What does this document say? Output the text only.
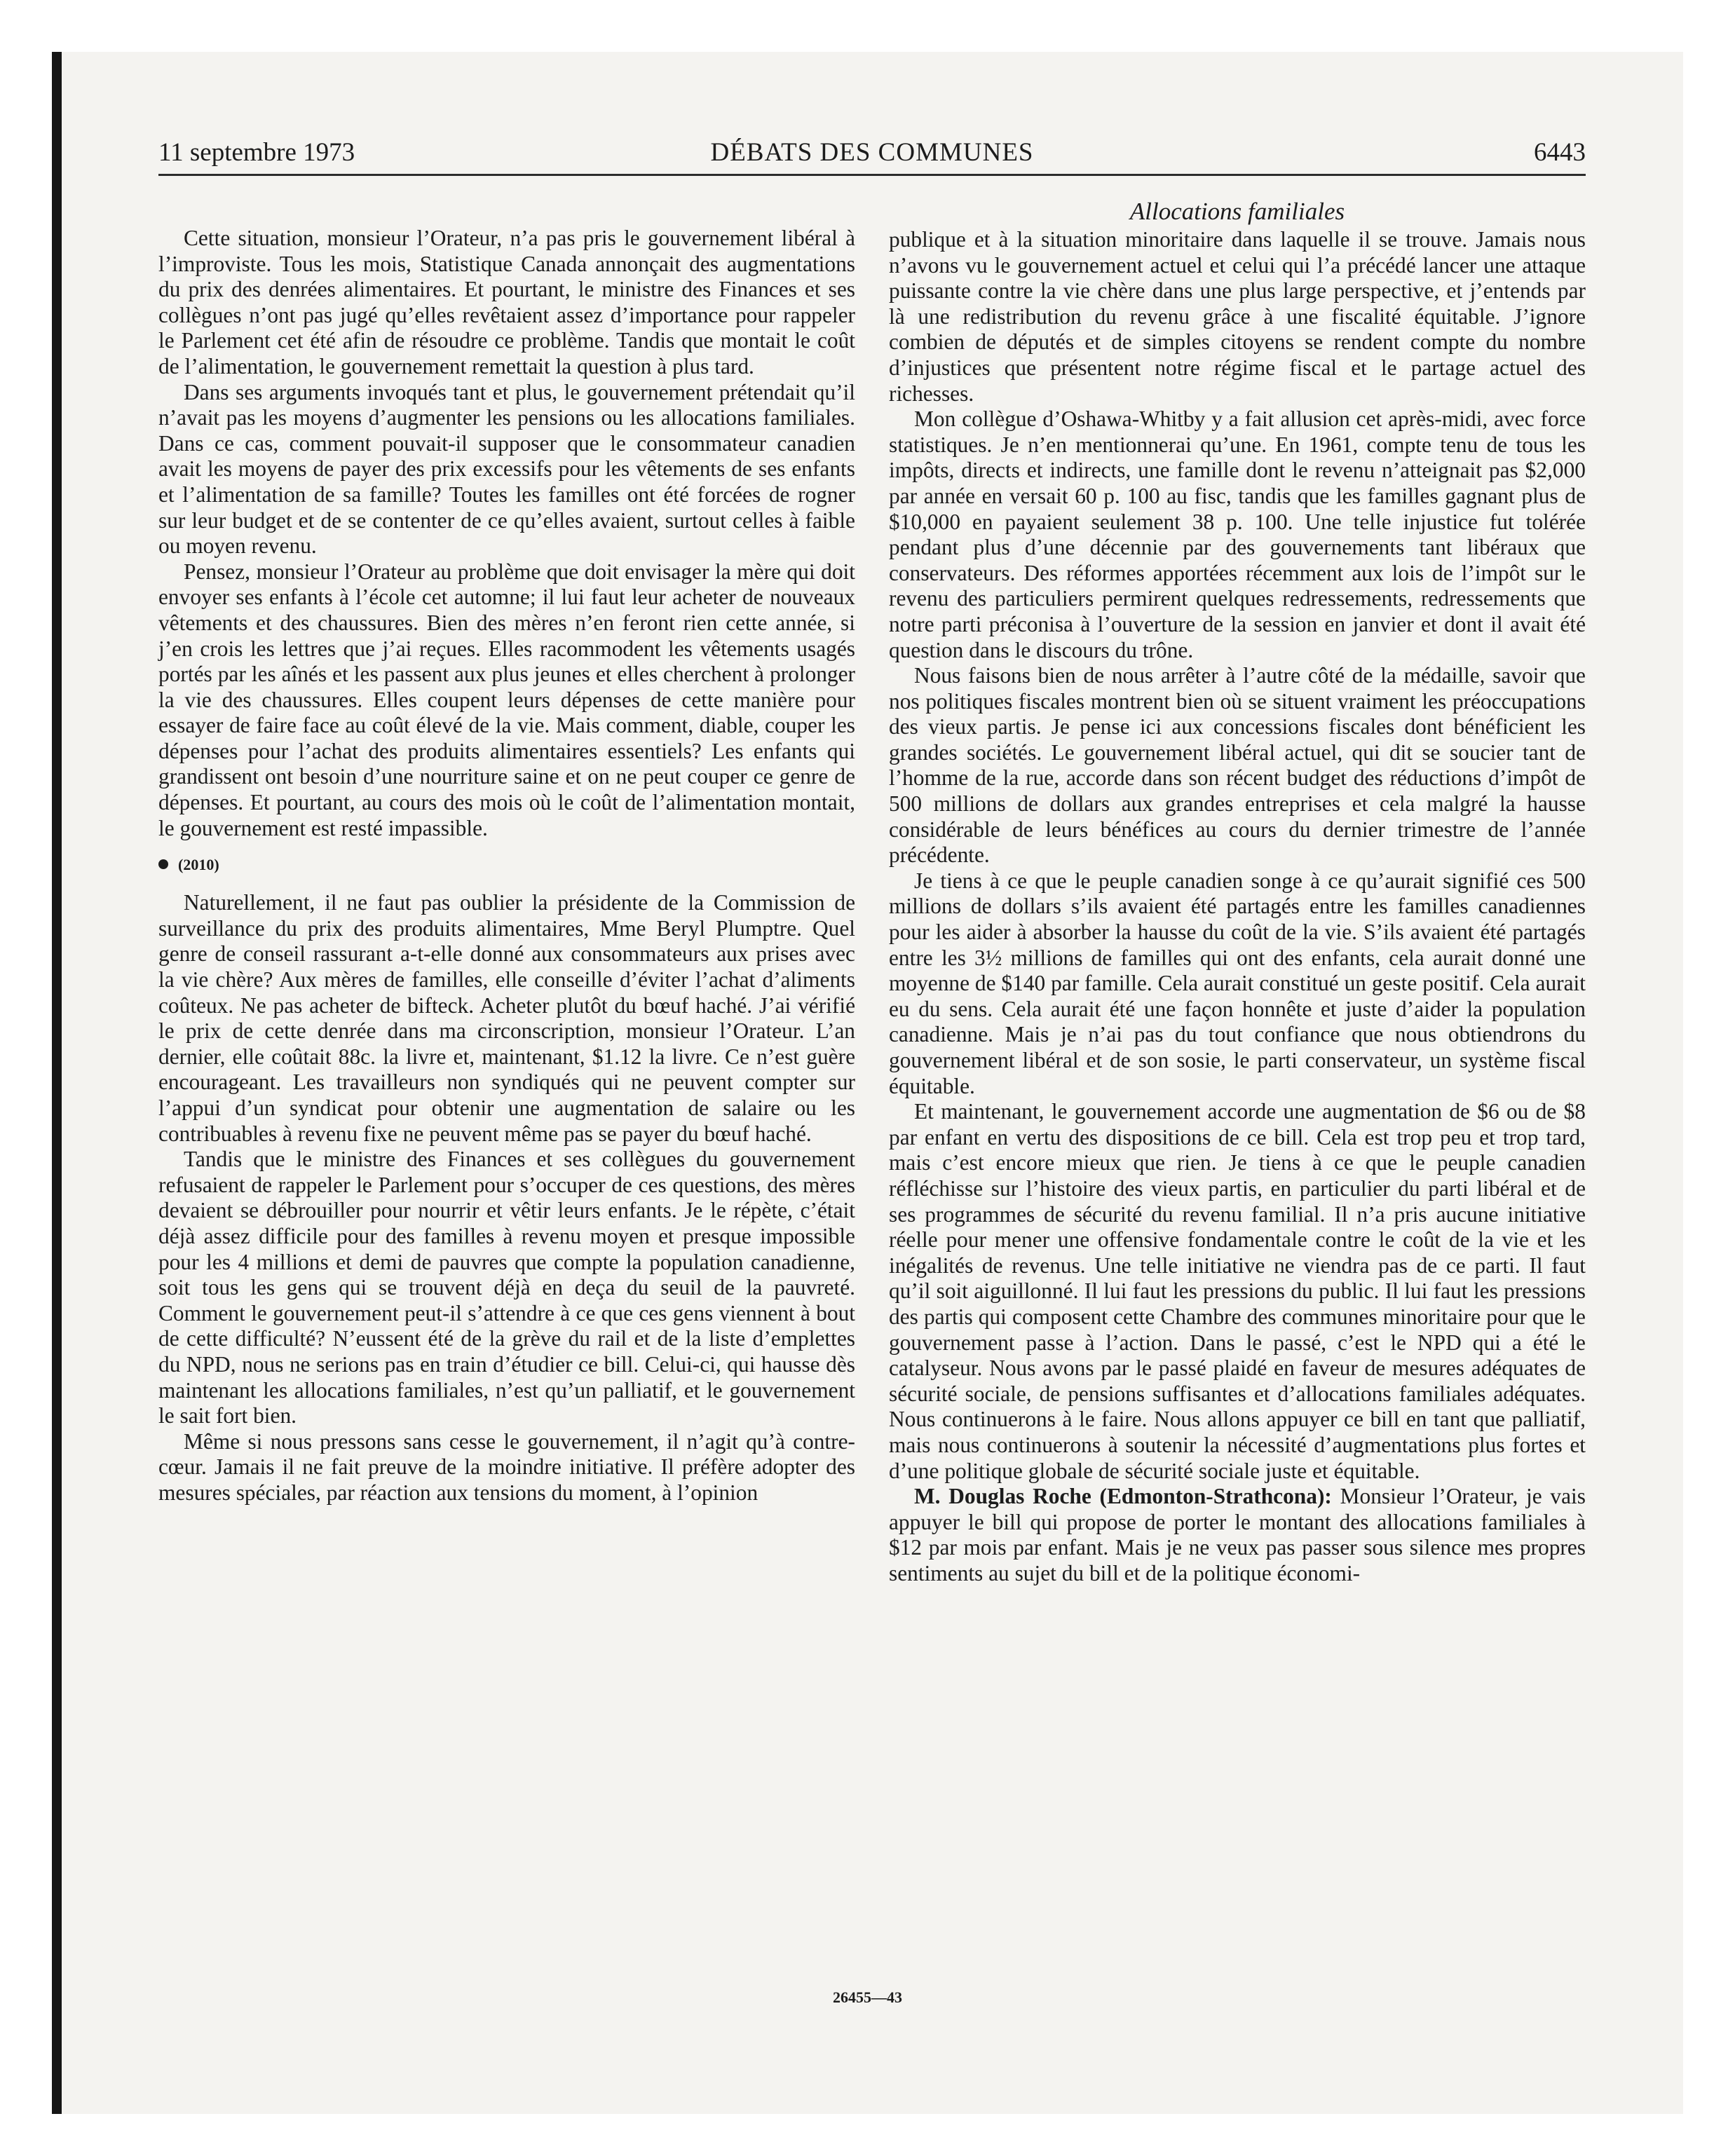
11 septembre 1973	DÉBATS DES COMMUNES	6443
Allocations familiales

Cette situation, monsieur l’Orateur, n’a pas pris le gouvernement libéral à l’improviste. Tous les mois, Statistique Canada annonçait des augmentations du prix des denrées alimentaires. Et pourtant, le ministre des Finances et ses collègues n’ont pas jugé qu’elles revêtaient assez d’importance pour rappeler le Parlement cet été afin de résoudre ce problème. Tandis que montait le coût de l’alimentation, le gouvernement remettait la question à plus tard.

Dans ses arguments invoqués tant et plus, le gouvernement prétendait qu’il n’avait pas les moyens d’augmenter les pensions ou les allocations familiales. Dans ce cas, comment pouvait-il supposer que le consommateur canadien avait les moyens de payer des prix excessifs pour les vêtements de ses enfants et l’alimentation de sa famille? Toutes les familles ont été forcées de rogner sur leur budget et de se contenter de ce qu’elles avaient, surtout celles à faible ou moyen revenu.

Pensez, monsieur l’Orateur au problème que doit envisager la mère qui doit envoyer ses enfants à l’école cet automne; il lui faut leur acheter de nouveaux vêtements et des chaussures. Bien des mères n’en feront rien cette année, si j’en crois les lettres que j’ai reçues. Elles racommodent les vêtements usagés portés par les aînés et les passent aux plus jeunes et elles cherchent à prolonger la vie des chaussures. Elles coupent leurs dépenses de cette manière pour essayer de faire face au coût élevé de la vie. Mais comment, diable, couper les dépenses pour l’achat des produits alimentaires essentiels? Les enfants qui grandissent ont besoin d’une nourriture saine et on ne peut couper ce genre de dépenses. Et pourtant, au cours des mois où le coût de l’alimentation montait, le gouvernement est resté impassible.

(2010)

Naturellement, il ne faut pas oublier la présidente de la Commission de surveillance du prix des produits alimentaires, Mme Beryl Plumptre. Quel genre de conseil rassurant a-t-elle donné aux consommateurs aux prises avec la vie chère? Aux mères de familles, elle conseille d’éviter l’achat d’aliments coûteux. Ne pas acheter de bifteck. Acheter plutôt du bœuf haché. J’ai vérifié le prix de cette denrée dans ma circonscription, monsieur l’Orateur. L’an dernier, elle coûtait 88c. la livre et, maintenant, $1.12 la livre. Ce n’est guère encourageant. Les travailleurs non syndiqués qui ne peuvent compter sur l’appui d’un syndicat pour obtenir une augmentation de salaire ou les contribuables à revenu fixe ne peuvent même pas se payer du bœuf haché.

Tandis que le ministre des Finances et ses collègues du gouvernement refusaient de rappeler le Parlement pour s’occuper de ces questions, des mères devaient se débrouiller pour nourrir et vêtir leurs enfants. Je le répète, c’était déjà assez difficile pour des familles à revenu moyen et presque impossible pour les 4 millions et demi de pauvres que compte la population canadienne, soit tous les gens qui se trouvent déjà en deça du seuil de la pauvreté. Comment le gouvernement peut-il s’attendre à ce que ces gens viennent à bout de cette difficulté? N’eussent été de la grève du rail et de la liste d’emplettes du NPD, nous ne serions pas en train d’étudier ce bill. Celui-ci, qui hausse dès maintenant les allocations familiales, n’est qu’un palliatif, et le gouvernement le sait fort bien.

Même si nous pressons sans cesse le gouvernement, il n’agit qu’à contre-cœur. Jamais il ne fait preuve de la moindre initiative. Il préfère adopter des mesures spéciales, par réaction aux tensions du moment, à l’opinion

publique et à la situation minoritaire dans laquelle il se trouve. Jamais nous n’avons vu le gouvernement actuel et celui qui l’a précédé lancer une attaque puissante contre la vie chère dans une plus large perspective, et j’entends par là une redistribution du revenu grâce à une fiscalité équitable. J’ignore combien de députés et de simples citoyens se rendent compte du nombre d’injustices que présentent notre régime fiscal et le partage actuel des richesses.

Mon collègue d’Oshawa-Whitby y a fait allusion cet après-midi, avec force statistiques. Je n’en mentionnerai qu’une. En 1961, compte tenu de tous les impôts, directs et indirects, une famille dont le revenu n’atteignait pas $2,000 par année en versait 60 p. 100 au fisc, tandis que les familles gagnant plus de $10,000 en payaient seulement 38 p. 100. Une telle injustice fut tolérée pendant plus d’une décennie par des gouvernements tant libéraux que conservateurs. Des réformes apportées récemment aux lois de l’impôt sur le revenu des particuliers permirent quelques redressements, redressements que notre parti préconisa à l’ouverture de la session en janvier et dont il avait été question dans le discours du trône.

Nous faisons bien de nous arrêter à l’autre côté de la médaille, savoir que nos politiques fiscales montrent bien où se situent vraiment les préoccupations des vieux partis. Je pense ici aux concessions fiscales dont bénéficient les grandes sociétés. Le gouvernement libéral actuel, qui dit se soucier tant de l’homme de la rue, accorde dans son récent budget des réductions d’impôt de 500 millions de dollars aux grandes entreprises et cela malgré la hausse considérable de leurs bénéfices au cours du dernier trimestre de l’année précédente.

Je tiens à ce que le peuple canadien songe à ce qu’aurait signifié ces 500 millions de dollars s’ils avaient été partagés entre les familles canadiennes pour les aider à absorber la hausse du coût de la vie. S’ils avaient été partagés entre les 3½ millions de familles qui ont des enfants, cela aurait donné une moyenne de $140 par famille. Cela aurait constitué un geste positif. Cela aurait eu du sens. Cela aurait été une façon honnête et juste d’aider la population canadienne. Mais je n’ai pas du tout confiance que nous obtiendrons du gouvernement libéral et de son sosie, le parti conservateur, un système fiscal équitable.

Et maintenant, le gouvernement accorde une augmentation de $6 ou de $8 par enfant en vertu des dispositions de ce bill. Cela est trop peu et trop tard, mais c’est encore mieux que rien. Je tiens à ce que le peuple canadien réfléchisse sur l’histoire des vieux partis, en particulier du parti libéral et de ses programmes de sécurité du revenu familial. Il n’a pris aucune initiative réelle pour mener une offensive fondamentale contre le coût de la vie et les inégalités de revenus. Une telle initiative ne viendra pas de ce parti. Il faut qu’il soit aiguillonné. Il lui faut les pressions du public. Il lui faut les pressions des partis qui composent cette Chambre des communes minoritaire pour que le gouvernement passe à l’action. Dans le passé, c’est le NPD qui a été le catalyseur. Nous avons par le passé plaidé en faveur de mesures adéquates de sécurité sociale, de pensions suffisantes et d’allocations familiales adéquates. Nous continuerons à le faire. Nous allons appuyer ce bill en tant que palliatif, mais nous continuerons à soutenir la nécessité d’augmentations plus fortes et d’une politique globale de sécurité sociale juste et équitable.

M. Douglas Roche (Edmonton-Strathcona): Monsieur l’Orateur, je vais appuyer le bill qui propose de porter le montant des allocations familiales à $12 par mois par enfant. Mais je ne veux pas passer sous silence mes propres sentiments au sujet du bill et de la politique économi-

26455—43
